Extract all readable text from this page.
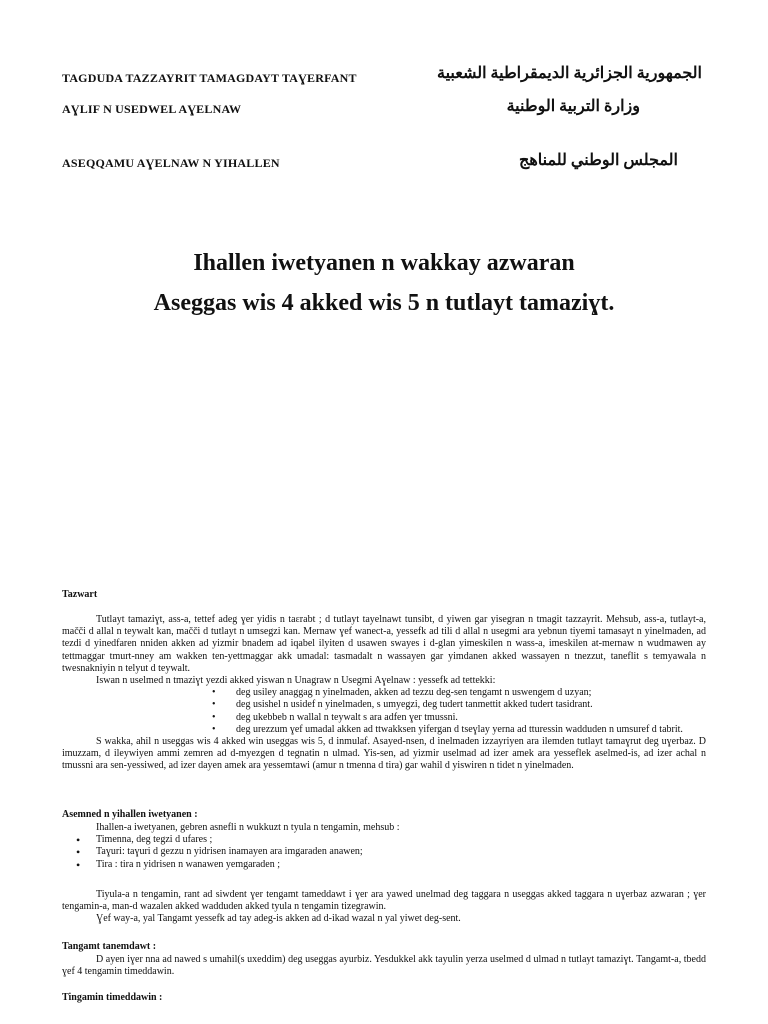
TAGDUDA TAZZAYRIT TAMAGDAYT TAƔERFANT
AƔLIF N USEDWEL AƔELNAW
ASEQQAMU AƔELNAW N YIHALLEN
الجمهورية الجزائرية الديمقراطية الشعبية
وزارة التربية الوطنية
المجلس الوطني للمناهج
Ihallen iwetyanen n wakkay azwaran
Aseggas wis 4 akked wis 5 n tutlayt tamaziɣt.
Tazwart

Tutlayt tamaziɣt, ass-a, tettef adeg ɣer yidis n taɛrabt ; d tutlayt tayelnawt tunsibt, d yiwen gar yisegran n tmagit tazzayrit. Mehsub, ass-a, tutlayt-a, maččі d allal n teywalt kan, maččі d tutlayt n umsegzi kan. Mernaw ɣef wanect-a, yessefk ad tili d allal n usegmi ara yebnun tiyemi tamasayt n yinelmaden, ad tezdi d yinedfaren nniden akken ad yizmir bnadem ad iqabel ilyiten d usawen swayes i d-glan yimeskilen n wass-a, imeskilen at-mernaw n wudmawen ay tettmaggar tmurt-nney am wakken ten-yettmaggar akk umadal: tasmadalt n wassayen gar yimdanen akked wassayen n tnezzut, taneflit s temyawala n twesnakniyin n telyut d teywalt.

Iswan n uselmed n tmaziɣt yezdi akked yiswan n Unagraw n Usegmi Aɣelnaw : yessefk ad tettekki:

• deg usiley anaggag n yinelmaden, akken ad tezzu deg-sen tengamt n uswengem d uzyan;
• deg usishel n usidef n yinelmaden, s umyegzi, deg tudert tanmettit akked tudert tasidrant.
• deg ukebbeb n wallal n teywalt s ara adfen ɣer tmussni.
• deg urezzum ɣef umadal akken ad ttwakksen yifergan d tseɣlay yerna ad tturessin wadduden n umsuref d tabrit.

S wakka, ahil n useggas wis 4 akked win useggas wis 5, d inmulaf. Asayed-nsen, d inelmaden izzayriyen ara ilemden tutlayt tamaɣrut deg uɣerbaz. D imuzzam, d ileywiyen ammi zemren ad d-myezgen d tegnatin n ulmad. Yis-sen, ad yizmir uselmad ad izer amek ara yesseflek aselmed-is, ad izer achal n tmussni ara sen-yessiwed, ad izer dayen amek ara yessemtawi (amur n tmenna d tira) gar wahil d yiswiren n tidet n yinelmaden.

Asemned n yihallen iwetyanen :

Ihallen-a iwetyanen, gebren asnefli n wukkuzt n tyula n tengamin, mehsub :

• Timenna, deg tegzi d ufares ;
• Taɣuri: taɣuri d gezzu n yidrisen inamayen ara imgaraden anawen;
• Tira : tira n yidrisen n wanawen yemgaraden ;

Tiyula-a n tengamin, rant ad siwdent ɣer tengamt tameddawt i ɣer ara yawed unelmad deg taggara n useggas akked taggara n uɣerbaz azwaran ; ɣer tengamin-a, man-d wazalen akked wadduden akked tyula n tengamin tizegrawin.

Ɣef way-a, yal Tangamt yessefk ad tay adeg-is akken ad d-ikad wazal n yal yiwet deg-sent.

Tangamt tanemdawt :

D ayen iɣer nna ad nawed s umahil(s uxeddim) deg useggas ayurbiz. Yesdukkel akk tayulin yerza uselmed d ulmad n tutlayt tamaziɣt. Tangamt-a, tbedd ɣef 4 tengamin timeddawin.

Tingamin timeddawin :
